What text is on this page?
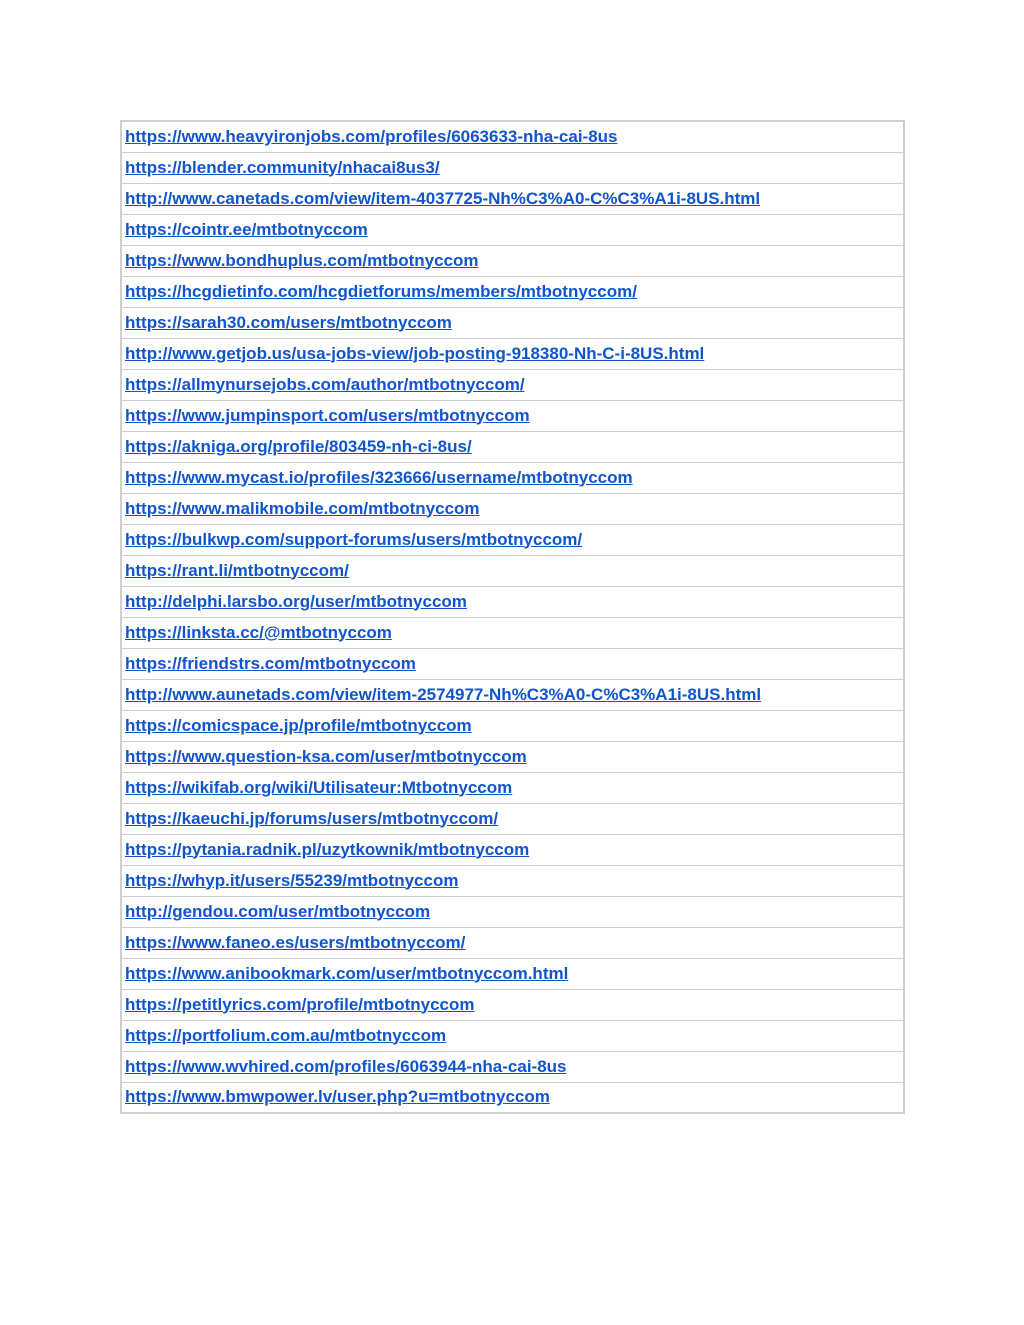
https://www.heavyironjobs.com/profiles/6063633-nha-cai-8us
https://blender.community/nhacai8us3/
http://www.canetads.com/view/item-4037725-Nh%C3%A0-C%C3%A1i-8US.html
https://cointr.ee/mtbotnyccom
https://www.bondhuplus.com/mtbotnyccom
https://hcgdietinfo.com/hcgdietforums/members/mtbotnyccom/
https://sarah30.com/users/mtbotnyccom
http://www.getjob.us/usa-jobs-view/job-posting-918380-Nh-C-i-8US.html
https://allmynursejobs.com/author/mtbotnyccom/
https://www.jumpinsport.com/users/mtbotnyccom
https://akniga.org/profile/803459-nh-ci-8us/
https://www.mycast.io/profiles/323666/username/mtbotnyccom
https://www.malikmobile.com/mtbotnyccom
https://bulkwp.com/support-forums/users/mtbotnyccom/
https://rant.li/mtbotnyccom/
http://delphi.larsbo.org/user/mtbotnyccom
https://linksta.cc/@mtbotnyccom
https://friendstrs.com/mtbotnyccom
http://www.aunetads.com/view/item-2574977-Nh%C3%A0-C%C3%A1i-8US.html
https://comicspace.jp/profile/mtbotnyccom
https://www.question-ksa.com/user/mtbotnyccom
https://wikifab.org/wiki/Utilisateur:Mtbotnyccom
https://kaeuchi.jp/forums/users/mtbotnyccom/
https://pytania.radnik.pl/uzytkownik/mtbotnyccom
https://whyp.it/users/55239/mtbotnyccom
http://gendou.com/user/mtbotnyccom
https://www.faneo.es/users/mtbotnyccom/
https://www.anibookmark.com/user/mtbotnyccom.html
https://petitlyrics.com/profile/mtbotnyccom
https://portfolium.com.au/mtbotnyccom
https://www.wvhired.com/profiles/6063944-nha-cai-8us
https://www.bmwpower.lv/user.php?u=mtbotnyccom
